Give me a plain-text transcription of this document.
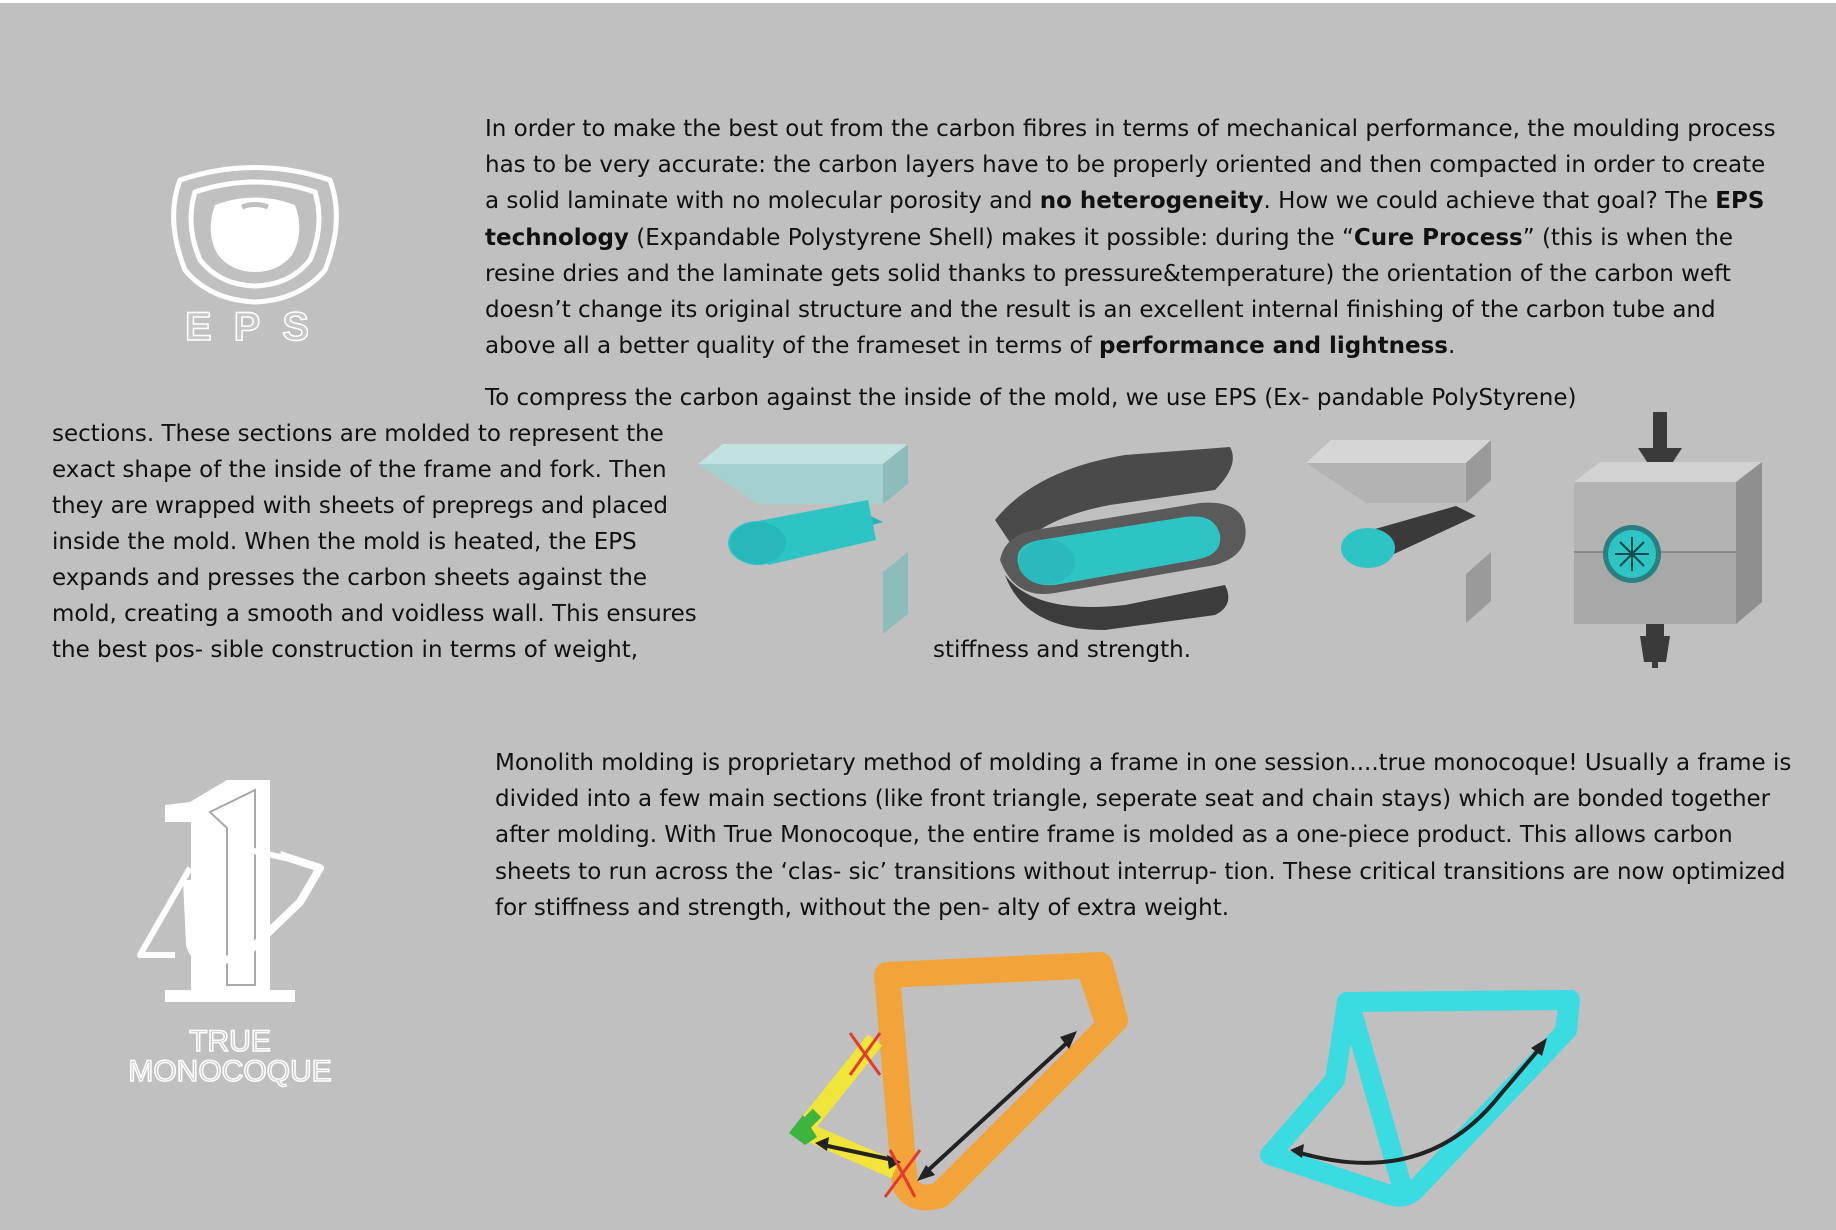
EPS

In order to make the best out from the carbon fibres in terms of mechanical performance, the moulding process has to be very accurate: the carbon layers have to be properly oriented and then compacted in order to create a solid laminate with no molecular porosity and no heterogeneity. How we could achieve that goal? The EPS technology (Expandable Polystyrene Shell) makes it possible: during the “Cure Process” (this is when the resine dries and the laminate gets solid thanks to pressure&temperature) the orientation of the carbon weft doesn’t change its original structure and the result is an excellent internal finishing of the carbon tube and above all a better quality of the frameset in terms of performance and lightness.

To compress the carbon against the inside of the mold, we use EPS (Ex- pandable PolyStyrene)
sections. These sections are molded to represent the
exact shape of the inside of the frame and fork. Then
they are wrapped with sheets of prepregs and placed
inside the mold. When the mold is heated, the EPS
expands and presses the carbon sheets against the
mold, creating a smooth and voidless wall. This ensures
the best pos- sible construction in terms of weight,	stiffness and strength.
TRUE
MONOCOQUE

Monolith molding is proprietary method of molding a frame in one session....true monocoque! Usually a frame is divided into a few main sections (like front triangle, seperate seat and chain stays) which are bonded together after molding. With True Monocoque, the entire frame is molded as a one-piece product. This allows carbon sheets to run across the ‘clas- sic’ transitions without interrup- tion. These critical transitions are now optimized for stiffness and strength, without the pen- alty of extra weight.
